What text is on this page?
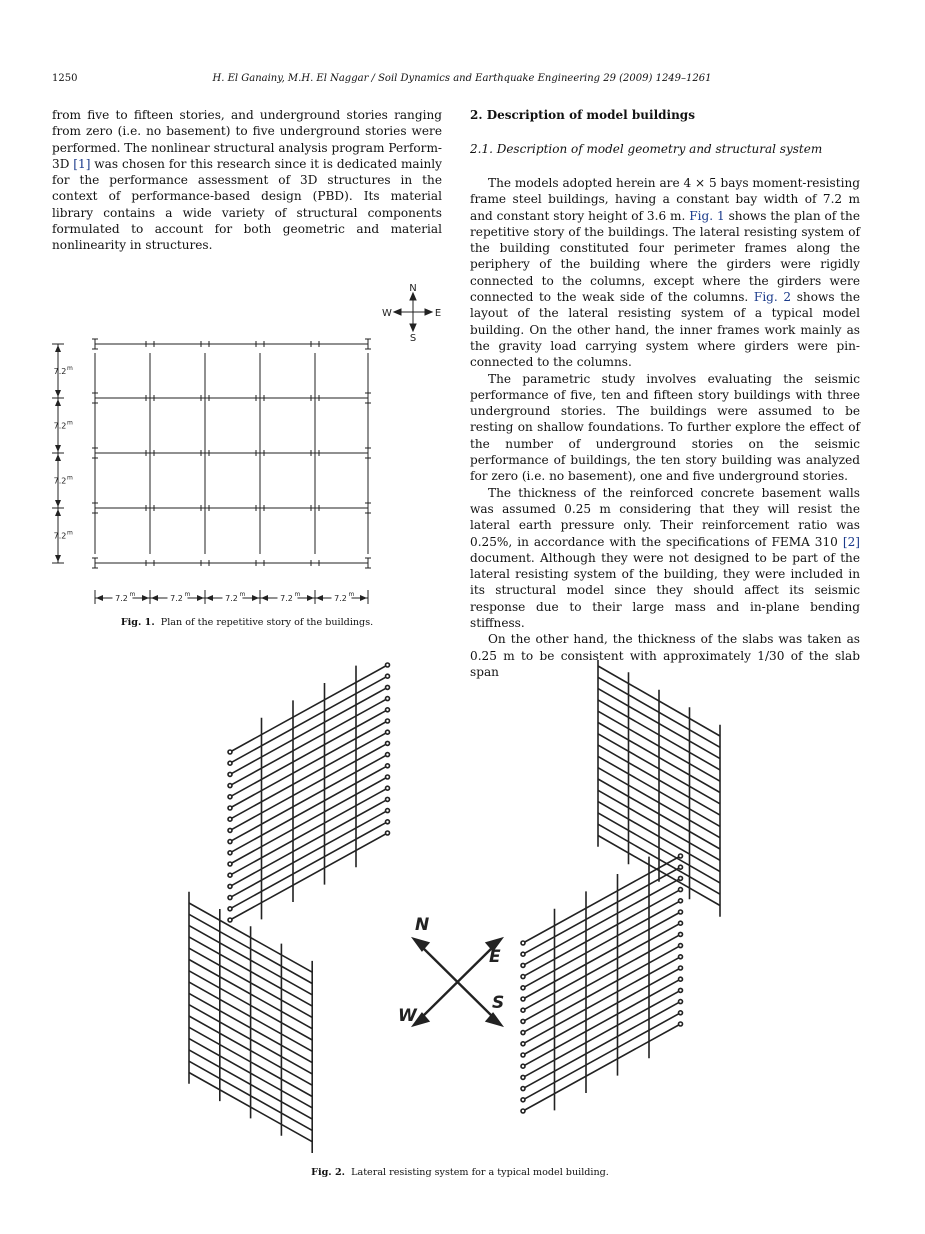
1250	H. El Ganainy, M.H. El Naggar / Soil Dynamics and Earthquake Engineering 29 (2009) 1249–1261

from five to fifteen stories, and underground stories ranging from zero (i.e. no basement) to five underground stories were performed. The nonlinear structural analysis program Perform-3D [1] was chosen for this research since it is dedicated mainly for the performance assessment of 3D structures in the context of performance-based design (PBD). Its material library contains a wide variety of structural components formulated to account for both geometric and material nonlinearity in structures.

2. Description of model buildings
2.1. Description of model geometry and structural system

The models adopted herein are 4 × 5 bays moment-resisting frame steel buildings, having a constant bay width of 7.2 m and constant story height of 3.6 m. Fig. 1 shows the plan of the repetitive story of the buildings. The lateral resisting system of the building constituted four perimeter frames along the periphery of the building where the girders were rigidly connected to the columns, except where the girders were connected to the weak side of the columns. Fig. 2 shows the layout of the lateral resisting system of a typical model building. On the other hand, the inner frames work mainly as the gravity load carrying system where girders were pin-connected to the columns.

The parametric study involves evaluating the seismic performance of five, ten and fifteen story buildings with three underground stories. The buildings were assumed to be resting on shallow foundations. To further explore the effect of the number of underground stories on the seismic performance of buildings, the ten story building was analyzed for zero (i.e. no basement), one and five underground stories.

The thickness of the reinforced concrete basement walls was assumed 0.25 m considering that they will resist the lateral earth pressure only. Their reinforcement ratio was 0.25%, in accordance with the specifications of FEMA 310 [2] document. Although they were not designed to be part of the lateral resisting system of the building, they were included in its structural model since they should affect its seismic response due to their large mass and in-plane bending stiffness.

On the other hand, the thickness of the slabs was taken as 0.25 m to be consistent with approximately 1/30 of the slab span

N
S
W	E
7.2 m
7.2 m
7.2 m
7.2 m
7.2 m	7.2 m	7.2 m	7.2 m	7.2 m
Fig. 1. Plan of the repetitive story of the buildings.
N
E
W
S
Fig. 2. Lateral resisting system for a typical model building.
